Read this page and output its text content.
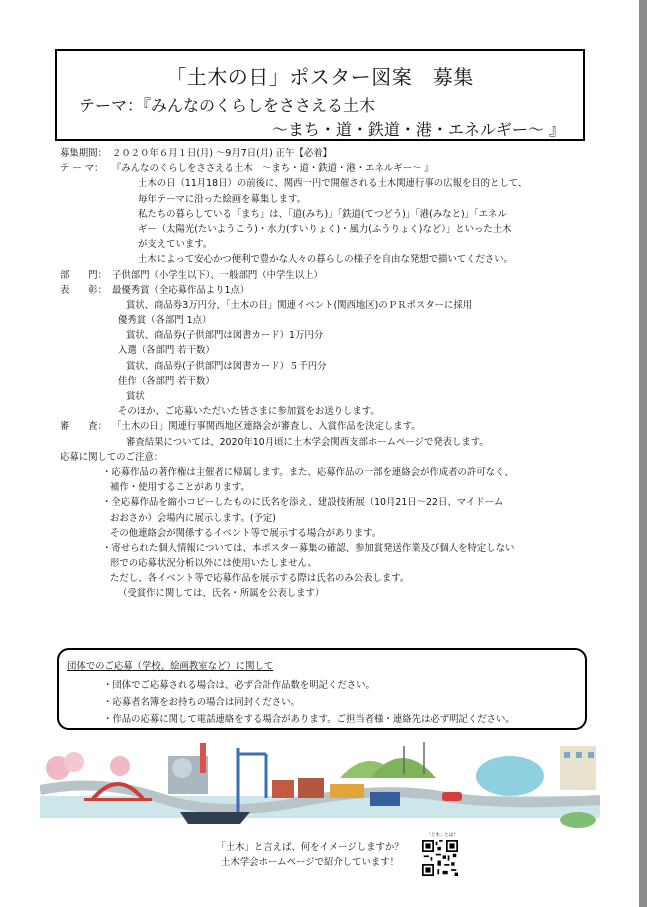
「土木の日」ポスター図案　募集
テーマ：『みんなのくらしをささえる土木
～まち・道・鉄道・港・エネルギー～ 』
募集期間： ２０２０年６月１日(月) ～9月7日(月) 正午【必着】
テ ー マ： 『みんなのくらしをささえる土木　～まち・道・鉄道・港・エネルギー～ 』
土木の日（11月18日）の前後に、関西一円で開催される土木関連行事の広報を目的として、
毎年テーマに沿った絵画を募集します。
私たちの暮らしている「まち」は、「道(みち)」「鉄道(てつどう)」「港(みなと)」「エネル
ギー（太陽光(たいようこう)・水力(すいりょく)・風力(ふうりょく)など）」といった土木
が支えています。
土木によって安心かつ便利で豊かな人々の暮らしの様子を自由な発想で描いてください。
部　　門： 子供部門（小学生以下）、一般部門（中学生以上）
表　　彰： 最優秀賞（全応募作品より1点）
賞状、商品券3万円分、「土木の日」関連イベント(関西地区)のＰＲポスターに採用
優秀賞（各部門 1点）
賞状、商品券(子供部門は図書カード）1万円分
入選（各部門 若干数）
賞状、商品券(子供部門は図書カード）５千円分
佳作（各部門 若干数）
賞状
そのほか、ご応募いただいた皆さまに参加賞をお送りします。
審　　査： 「土木の日」関連行事関西地区連絡会が審査し、入賞作品を決定します。
審査結果については、2020年10月頃に土木学会関西支部ホームページで発表します。
応募に関してのご注意：
・応募作品の著作権は主催者に帰属します。また、応募作品の一部を連絡会が作成者の許可なく、
補作・使用することがあります。
・全応募作品を縮小コピーしたものに氏名を添え、建設技術展（10月21日～22日、マイドーム
おおさか）会場内に展示します。(予定)
その他連絡会が関係するイベント等で展示する場合があります。
・寄せられた個人情報については、本ポスター募集の確認、参加賞発送作業及び個人を特定しない
形での応募状況分析以外には使用いたしません。
ただし、各イベント等で応募作品を展示する際は氏名のみ公表します。
（受賞作に関しては、氏名・所属を公表します）
団体でのご応募（学校、絵画教室など）に関して
・団体でご応募される場合は、必ず合計作品数を明記ください。
・応募者名簿をお持ちの場合は同封ください。
・作品の応募に関して電話連絡をする場合があります。ご担当者様・連絡先は必ず明記ください。
「土木」と言えば、何をイメージしますか？
土木学会ホームページで紹介しています！
「土木」とは？
